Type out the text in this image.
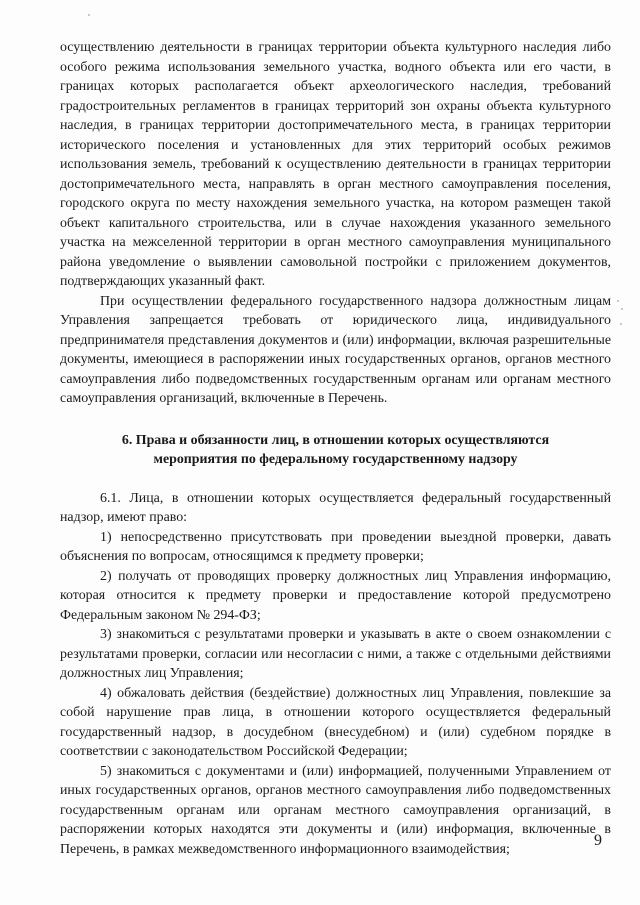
осуществлению деятельности в границах территории объекта культурного наследия либо особого режима использования земельного участка, водного объекта или его части, в границах которых располагается объект археологического наследия, требований градостроительных регламентов в границах территорий зон охраны объекта культурного наследия, в границах территории достопримечательного места, в границах территории исторического поселения и установленных для этих территорий особых режимов использования земель, требований к осуществлению деятельности в границах территории достопримечательного места, направлять в орган местного самоуправления поселения, городского округа по месту нахождения земельного участка, на котором размещен такой объект капитального строительства, или в случае нахождения указанного земельного участка на межселенной территории в орган местного самоуправления муниципального района уведомление о выявлении самовольной постройки с приложением документов, подтверждающих указанный факт.

При осуществлении федерального государственного надзора должностным лицам Управления запрещается требовать от юридического лица, индивидуального предпринимателя представления документов и (или) информации, включая разрешительные документы, имеющиеся в распоряжении иных государственных органов, органов местного самоуправления либо подведомственных государственным органам или органам местного самоуправления организаций, включенные в Перечень.

6. Права и обязанности лиц, в отношении которых осуществляются
мероприятия по федеральному государственному надзору

6.1. Лица, в отношении которых осуществляется федеральный государственный надзор, имеют право:

1) непосредственно присутствовать при проведении выездной проверки, давать объяснения по вопросам, относящимся к предмету проверки;

2) получать от проводящих проверку должностных лиц Управления информацию, которая относится к предмету проверки и предоставление которой предусмотрено Федеральным законом № 294-ФЗ;

3) знакомиться с результатами проверки и указывать в акте о своем ознакомлении с результатами проверки, согласии или несогласии с ними, а также с отдельными действиями должностных лиц Управления;

4) обжаловать действия (бездействие) должностных лиц Управления, повлекшие за собой нарушение прав лица, в отношении которого осуществляется федеральный государственный надзор, в досудебном (внесудебном) и (или) судебном порядке в соответствии с законодательством Российской Федерации;

5) знакомиться с документами и (или) информацией, полученными Управлением от иных государственных органов, органов местного самоуправления либо подведомственных государственным органам или органам местного самоуправления организаций, в распоряжении которых находятся эти документы и (или) информация, включенные в Перечень, в рамках межведомственного информационного взаимодействия;	9
